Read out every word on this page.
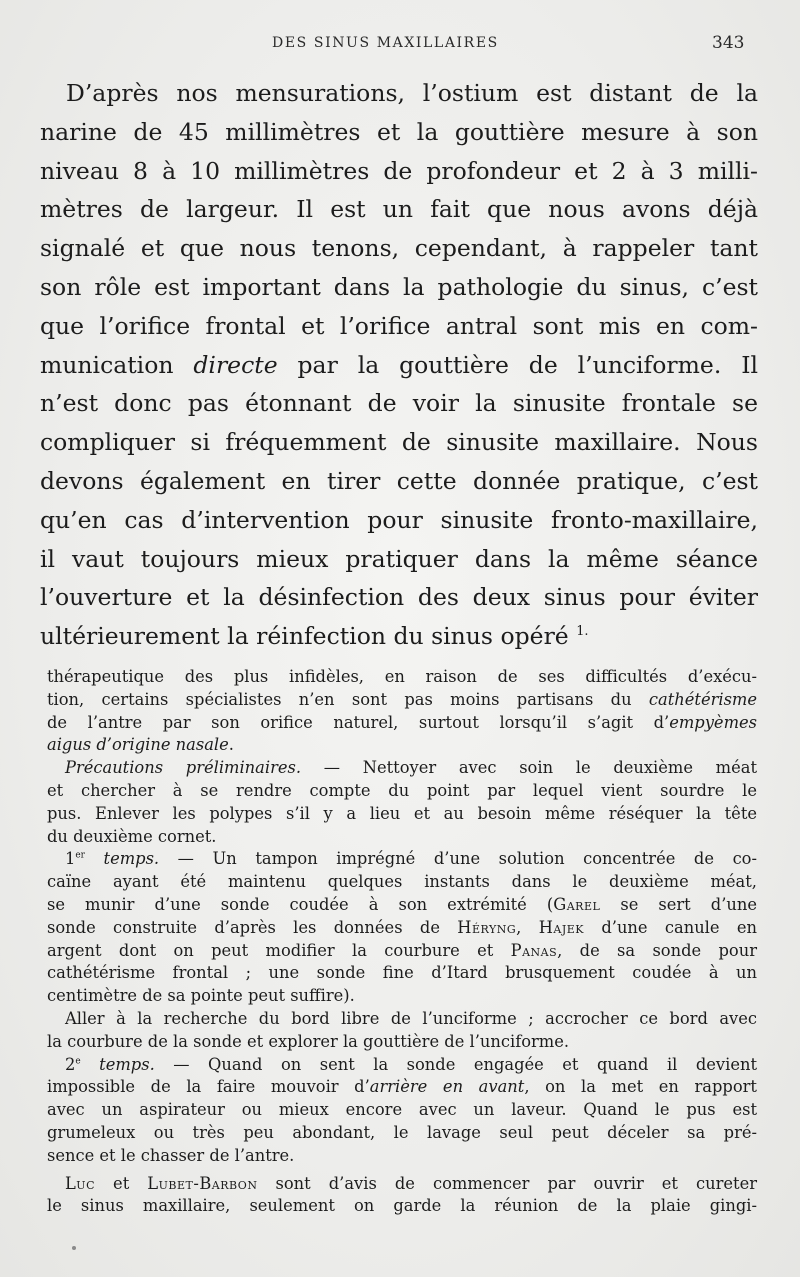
DES SINUS MAXILLAIRES	343
D’après nos mensurations, l’ostium est distant de la
narine de 45 millimètres et la gouttière mesure à son
niveau 8 à 10 millimètres de profondeur et 2 à 3 milli-
mètres de largeur. Il est un fait que nous avons déjà
signalé et que nous tenons, cependant, à rappeler tant
son rôle est important dans la pathologie du sinus, c’est
que l’orifice frontal et l’orifice antral sont mis en com-
munication directe par la gouttière de l’unciforme. Il
n’est donc pas étonnant de voir la sinusite frontale se
compliquer si fréquemment de sinusite maxillaire. Nous
devons également en tirer cette donnée pratique, c’est
qu’en cas d’intervention pour sinusite fronto-maxillaire,
il vaut toujours mieux pratiquer dans la même séance
l’ouverture et la désinfection des deux sinus pour éviter
ultérieurement la réinfection du sinus opéré $^{1.}$
thérapeutique des plus infidèles, en raison de ses difficultés d’exécu-
tion, certains spécialistes n’en sont pas moins partisans du cathétérisme
de l’antre par son orifice naturel, surtout lorsqu’il s’agit d’empyèmes
aigus d’origine nasale.
Précautions préliminaires. — Nettoyer avec soin le deuxième méat
et chercher à se rendre compte du point par lequel vient sourdre le
pus. Enlever les polypes s’il y a lieu et au besoin même réséquer la tête
du deuxième cornet.
1er temps. — Un tampon imprégné d’une solution concentrée de co-
caïne ayant été maintenu quelques instants dans le deuxième méat,
se munir d’une sonde coudée à son extrémité (Garel se sert d’une
sonde construite d’après les données de Héryng, Hajek d’une canule en
argent dont on peut modifier la courbure et Panas, de sa sonde pour
cathétérisme frontal ; une sonde fine d’Itard brusquement coudée à un
centimètre de sa pointe peut suffire).
Aller à la recherche du bord libre de l’unciforme ; accrocher ce bord avec
la courbure de la sonde et explorer la gouttière de l’unciforme.
2e temps. — Quand on sent la sonde engagée et quand il devient
impossible de la faire mouvoir d’arrière en avant, on la met en rapport
avec un aspirateur ou mieux encore avec un laveur. Quand le pus est
grumeleux ou très peu abondant, le lavage seul peut déceler sa pré-
sence et le chasser de l’antre.
Luc et Lubet-Barbon sont d’avis de commencer par ouvrir et cureter
le sinus maxillaire, seulement on garde la réunion de la plaie gingi-
